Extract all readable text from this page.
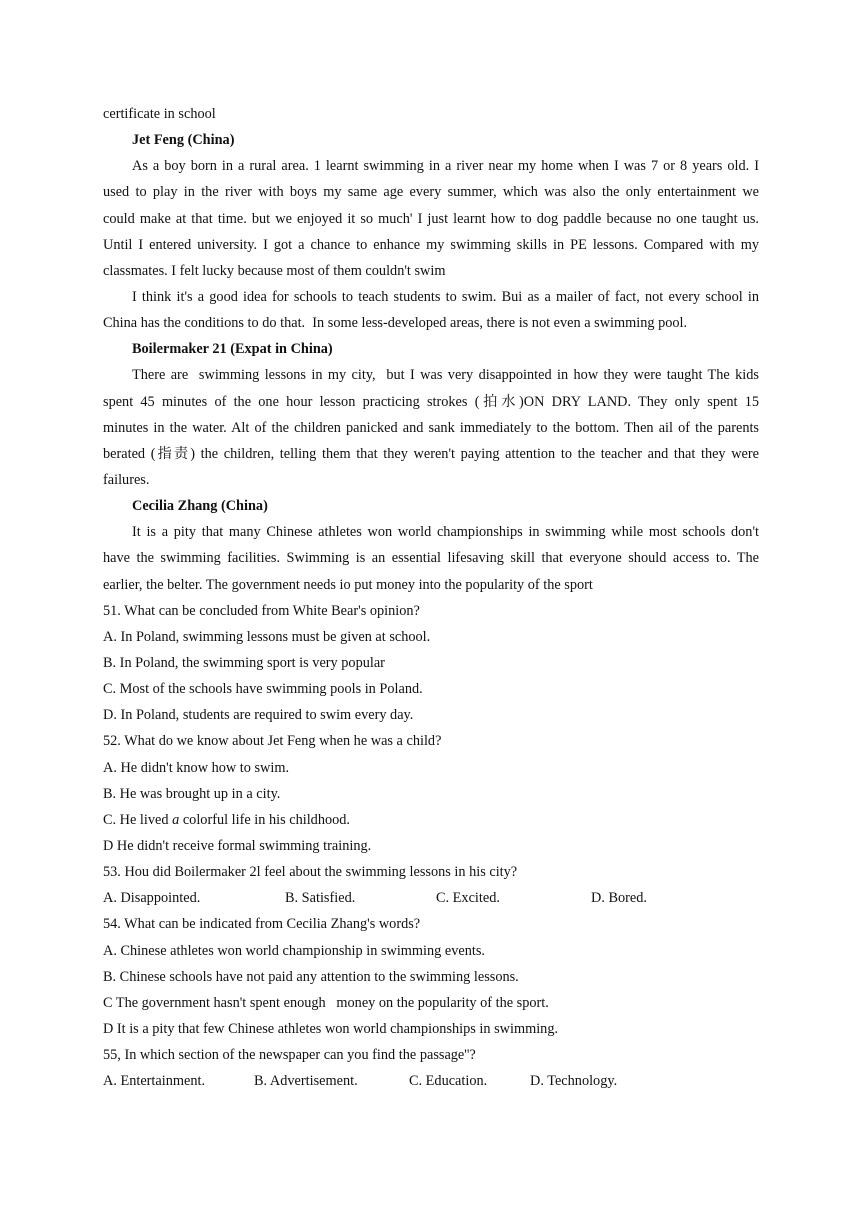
certificate in school
Jet Feng (China)
As a boy born in a rural area. 1 learnt swimming in a river near my home when I was 7 or 8 years old. I
used to play in the river with boys my same age every summer, which was also the only entertainment we
could make at that time. but we enjoyed it so much' I just learnt how to dog paddle because no one taught us.
Until I entered university. I got a chance to enhance my swimming skills in PE lessons. Compared with my
classmates. I felt lucky because most of them couldn't swim
I think it's a good idea for schools to teach students to swim. Bui as a mailer of fact, not every school in
China has the conditions to do that.  In some less-developed areas, there is not even a swimming pool.
Boilermaker 21 (Expat in China)
There are  swimming lessons in my city,  but I was very disappointed in how they were taught The kids
spent 45 minutes of the one hour lesson practicing strokes (拍水)ON DRY LAND. They only spent 15
minutes in the water. Alt of the children panicked and sank immediately to the bottom. Then ail of the parents
berated (指责) the children, telling them that they weren't paying attention to the teacher and that they were
failures.
Cecilia Zhang (China)
It is a pity that many Chinese athletes won world championships in swimming while most schools don't
have the swimming facilities. Swimming is an essential lifesaving skill that everyone should access to. The
earlier, the belter. The government needs io put money into the popularity of the sport
51. What can be concluded from White Bear's opinion?
A. In Poland, swimming lessons must be given at school.
B. In Poland, the swimming sport is very popular
C. Most of the schools have swimming pools in Poland.
D. In Poland, students are required to swim every day.
52. What do we know about Jet Feng when he was a child?
A. He didn't know how to swim.
B. He was brought up in a city.
C. He lived a colorful life in his childhood.
D He didn't receive formal swimming training.
53. Hou did Boilermaker 2l feel about the swimming lessons in his city?
A. Disappointed.	B. Satisfied.	C. Excited.	D. Bored.
54. What can be indicated from Cecilia Zhang's words?
A. Chinese athletes won world championship in swimming events.
B. Chinese schools have not paid any attention to the swimming lessons.
C The government hasn't spent enough   money on the popularity of the sport.
D It is a pity that few Chinese athletes won world championships in swimming.
55, In which section of the newspaper can you find the passage''?
A. Entertainment.	B. Advertisement.	C. Education.	D. Technology.
